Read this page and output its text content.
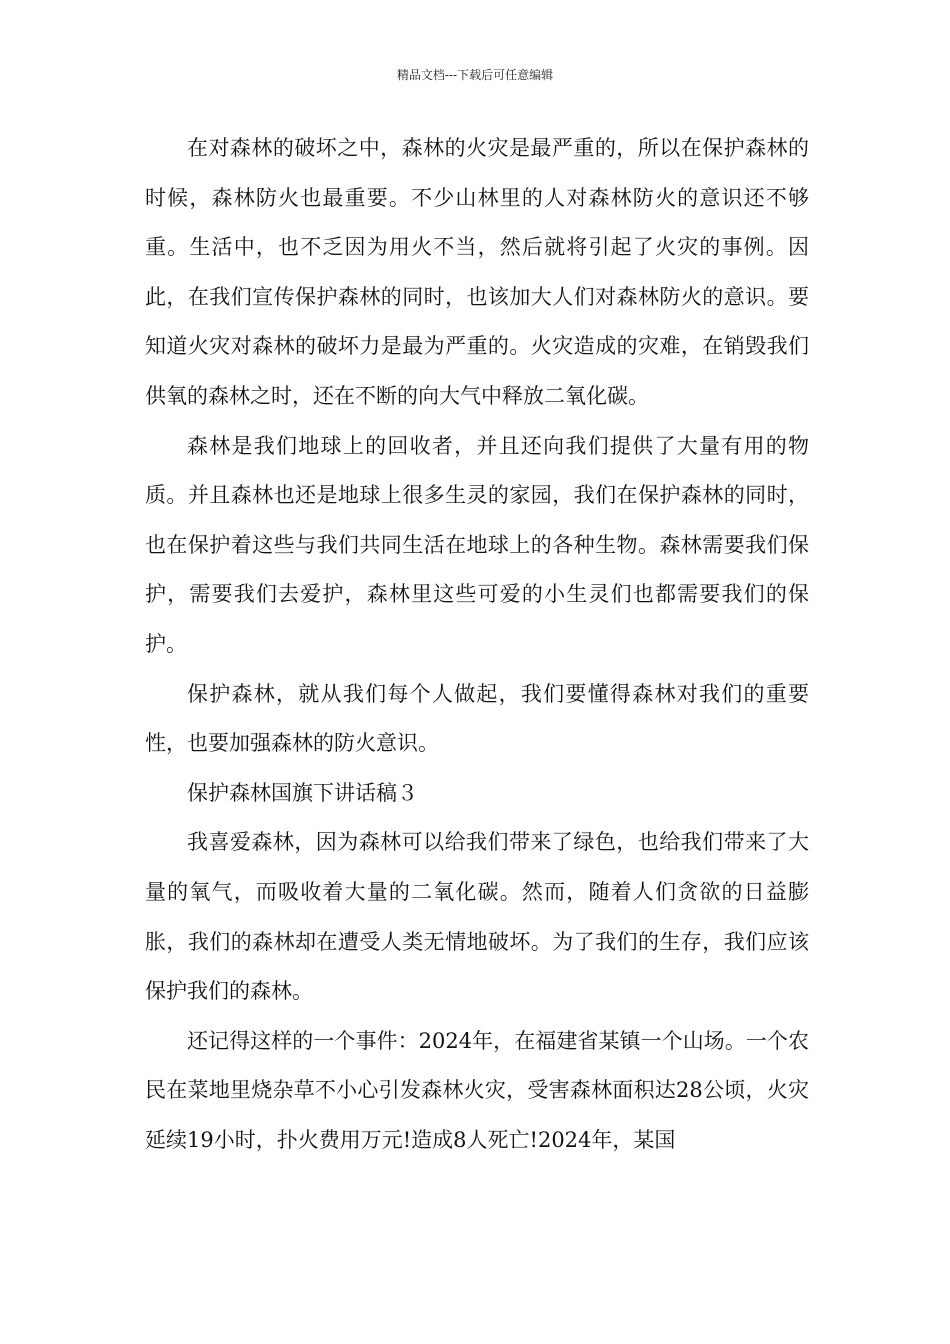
精品文档---下载后可任意编辑

在对森林的破坏之中，森林的火灾是最严重的，所以在保护森林的时候，森林防火也最重要。不少山林里的人对森林防火的意识还不够重。生活中，也不乏因为用火不当，然后就将引起了火灾的事例。因此，在我们宣传保护森林的同时，也该加大人们对森林防火的意识。要知道火灾对森林的破坏力是最为严重的。火灾造成的灾难，在销毁我们供氧的森林之时，还在不断的向大气中释放二氧化碳。

森林是我们地球上的回收者，并且还向我们提供了大量有用的物质。并且森林也还是地球上很多生灵的家园，我们在保护森林的同时，也在保护着这些与我们共同生活在地球上的各种生物。森林需要我们保护，需要我们去爱护，森林里这些可爱的小生灵们也都需要我们的保护。

保护森林，就从我们每个人做起，我们要懂得森林对我们的重要性，也要加强森林的防火意识。

保护森林国旗下讲话稿３

我喜爱森林，因为森林可以给我们带来了绿色，也给我们带来了大量的氧气，而吸收着大量的二氧化碳。然而，随着人们贪欲的日益膨胀，我们的森林却在遭受人类无情地破坏。为了我们的生存，我们应该保护我们的森林。

还记得这样的一个事件：2024年，在福建省某镇一个山场。一个农民在菜地里烧杂草不小心引发森林火灾，受害森林面积达28公顷，火灾延续19小时，扑火费用万元!造成8人死亡!2024年，某国
